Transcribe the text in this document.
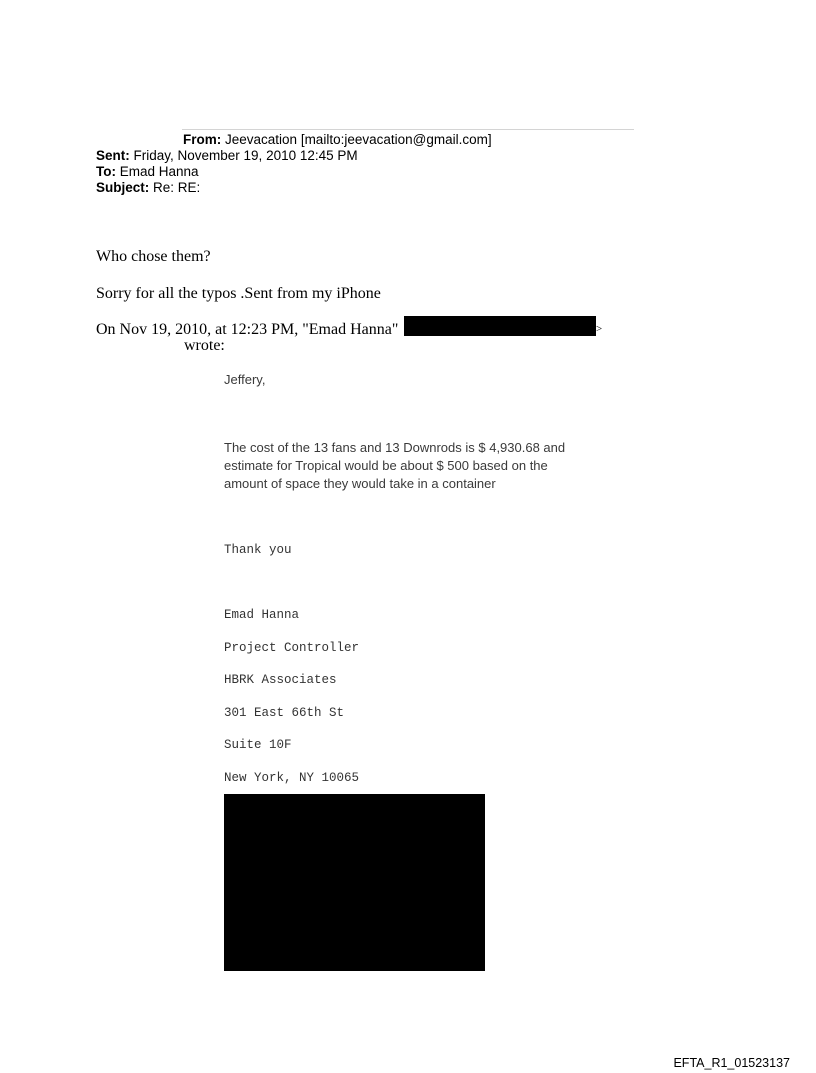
From: Jeevacation [mailto:jeevacation@gmail.com]
Sent: Friday, November 19, 2010 12:45 PM
To: Emad Hanna
Subject: Re: RE:
Who chose them?
Sorry for all the typos .Sent from my iPhone
On Nov 19, 2010, at 12:23 PM, "Emad Hanna"	>
wrote:
Jeffery,
The cost of the 13 fans and 13 Downrods is $ 4,930.68 and estimate for Tropical would be about $ 500 based on the amount of space they would take in a container
Thank you
Emad Hanna
Project Controller
HBRK Associates
301 East 66th St
Suite 10F
New York, NY 10065
EFTA_R1_01523137
